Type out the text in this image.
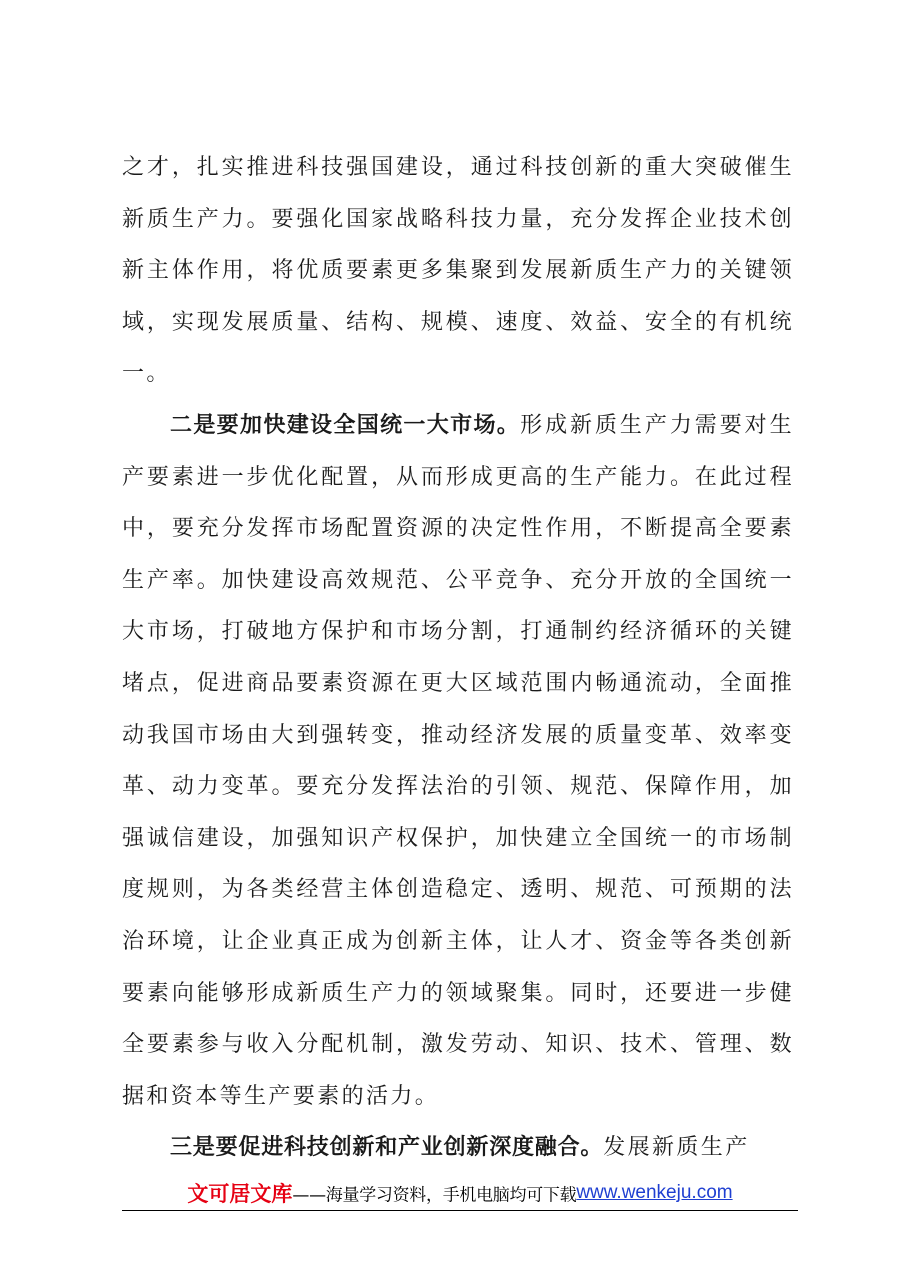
之才，扎实推进科技强国建设，通过科技创新的重大突破催生新质生产力。要强化国家战略科技力量，充分发挥企业技术创新主体作用，将优质要素更多集聚到发展新质生产力的关键领域，实现发展质量、结构、规模、速度、效益、安全的有机统一。

二是要加快建设全国统一大市场。形成新质生产力需要对生产要素进一步优化配置，从而形成更高的生产能力。在此过程中，要充分发挥市场配置资源的决定性作用，不断提高全要素生产率。加快建设高效规范、公平竞争、充分开放的全国统一大市场，打破地方保护和市场分割，打通制约经济循环的关键堵点，促进商品要素资源在更大区域范围内畅通流动，全面推动我国市场由大到强转变，推动经济发展的质量变革、效率变革、动力变革。要充分发挥法治的引领、规范、保障作用，加强诚信建设，加强知识产权保护，加快建立全国统一的市场制度规则，为各类经营主体创造稳定、透明、规范、可预期的法治环境，让企业真正成为创新主体，让人才、资金等各类创新要素向能够形成新质生产力的领域聚集。同时，还要进一步健全要素参与收入分配机制，激发劳动、知识、技术、管理、数据和资本等生产要素的活力。

三是要促进科技创新和产业创新深度融合。发展新质生产

文可居文库——海量学习资料，手机电脑均可下载www.wenkeju.com
